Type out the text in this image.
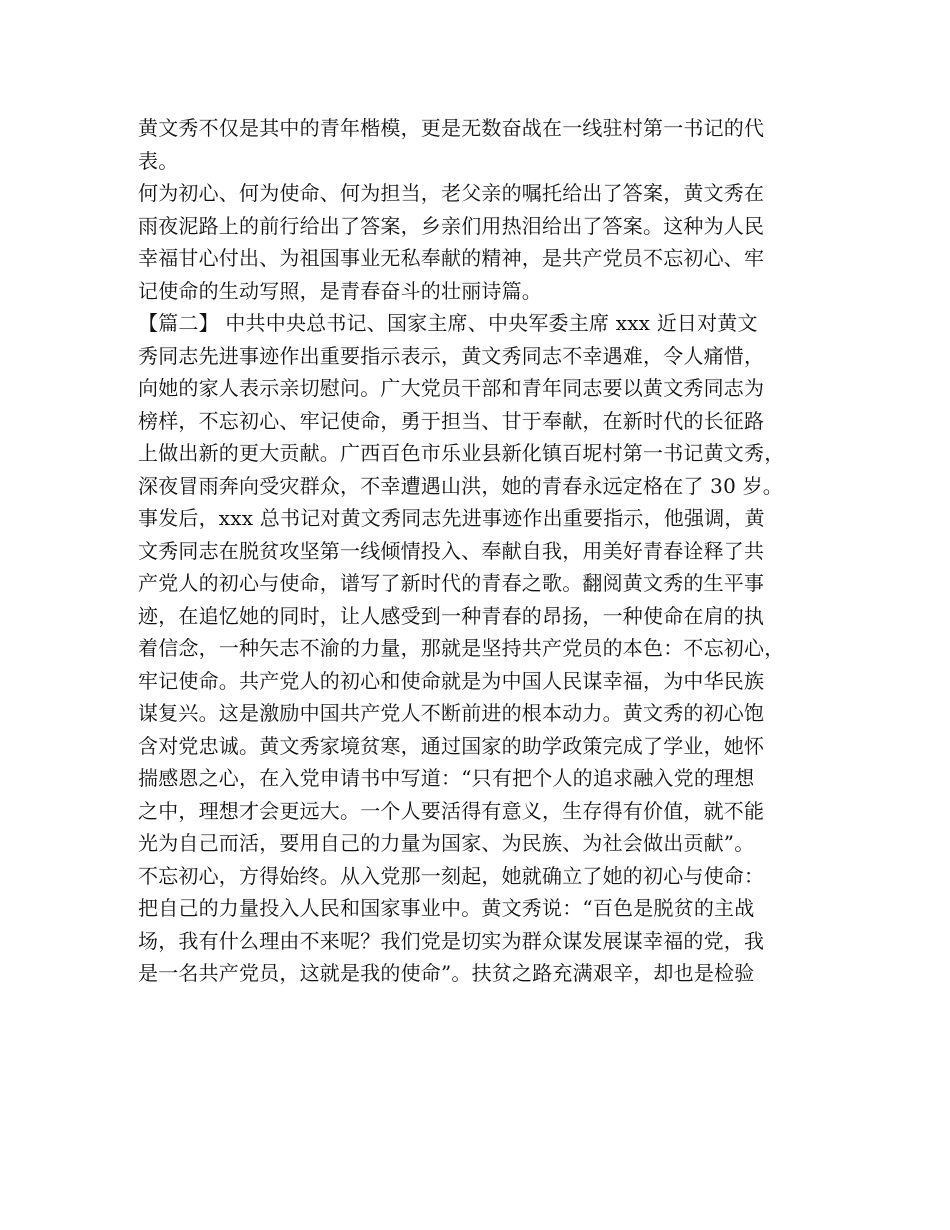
黄文秀不仅是其中的青年楷模，更是无数奋战在一线驻村第一书记的代
表。
何为初心、何为使命、何为担当，老父亲的嘱托给出了答案，黄文秀在
雨夜泥路上的前行给出了答案，乡亲们用热泪给出了答案。这种为人民
幸福甘心付出、为祖国事业无私奉献的精神，是共产党员不忘初心、牢
记使命的生动写照，是青春奋斗的壮丽诗篇。
【篇二】 中共中央总书记、国家主席、中央军委主席 xxx 近日对黄文
秀同志先进事迹作出重要指示表示，黄文秀同志不幸遇难，令人痛惜，
向她的家人表示亲切慰问。广大党员干部和青年同志要以黄文秀同志为
榜样，不忘初心、牢记使命，勇于担当、甘于奉献，在新时代的长征路
上做出新的更大贡献。广西百色市乐业县新化镇百坭村第一书记黄文秀，
深夜冒雨奔向受灾群众，不幸遭遇山洪，她的青春永远定格在了 30 岁。
事发后，xxx 总书记对黄文秀同志先进事迹作出重要指示，他强调，黄
文秀同志在脱贫攻坚第一线倾情投入、奉献自我，用美好青春诠释了共
产党人的初心与使命，谱写了新时代的青春之歌。翻阅黄文秀的生平事
迹，在追忆她的同时，让人感受到一种青春的昂扬，一种使命在肩的执
着信念，一种矢志不渝的力量，那就是坚持共产党员的本色：不忘初心，
牢记使命。共产党人的初心和使命就是为中国人民谋幸福，为中华民族
谋复兴。这是激励中国共产党人不断前进的根本动力。黄文秀的初心饱
含对党忠诚。黄文秀家境贫寒，通过国家的助学政策完成了学业，她怀
揣感恩之心，在入党申请书中写道：“只有把个人的追求融入党的理想
之中，理想才会更远大。一个人要活得有意义，生存得有价值，就不能
光为自己而活，要用自己的力量为国家、为民族、为社会做出贡献”。
不忘初心，方得始终。从入党那一刻起，她就确立了她的初心与使命：
把自己的力量投入人民和国家事业中。黄文秀说：“百色是脱贫的主战
场，我有什么理由不来呢？我们党是切实为群众谋发展谋幸福的党，我
是一名共产党员，这就是我的使命”。扶贫之路充满艰辛，却也是检验
